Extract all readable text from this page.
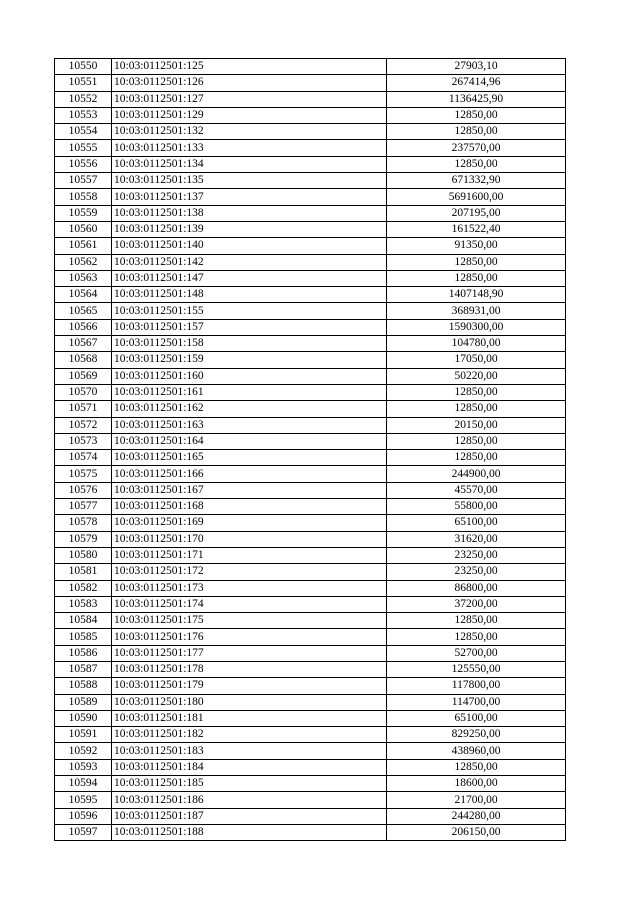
10550	10:03:0112501:125	27903,10
10551	10:03:0112501:126	267414,96
10552	10:03:0112501:127	1136425,90
10553	10:03:0112501:129	12850,00
10554	10:03:0112501:132	12850,00
10555	10:03:0112501:133	237570,00
10556	10:03:0112501:134	12850,00
10557	10:03:0112501:135	671332,90
10558	10:03:0112501:137	5691600,00
10559	10:03:0112501:138	207195,00
10560	10:03:0112501:139	161522,40
10561	10:03:0112501:140	91350,00
10562	10:03:0112501:142	12850,00
10563	10:03:0112501:147	12850,00
10564	10:03:0112501:148	1407148,90
10565	10:03:0112501:155	368931,00
10566	10:03:0112501:157	1590300,00
10567	10:03:0112501:158	104780,00
10568	10:03:0112501:159	17050,00
10569	10:03:0112501:160	50220,00
10570	10:03:0112501:161	12850,00
10571	10:03:0112501:162	12850,00
10572	10:03:0112501:163	20150,00
10573	10:03:0112501:164	12850,00
10574	10:03:0112501:165	12850,00
10575	10:03:0112501:166	244900,00
10576	10:03:0112501:167	45570,00
10577	10:03:0112501:168	55800,00
10578	10:03:0112501:169	65100,00
10579	10:03:0112501:170	31620,00
10580	10:03:0112501:171	23250,00
10581	10:03:0112501:172	23250,00
10582	10:03:0112501:173	86800,00
10583	10:03:0112501:174	37200,00
10584	10:03:0112501:175	12850,00
10585	10:03:0112501:176	12850,00
10586	10:03:0112501:177	52700,00
10587	10:03:0112501:178	125550,00
10588	10:03:0112501:179	117800,00
10589	10:03:0112501:180	114700,00
10590	10:03:0112501:181	65100,00
10591	10:03:0112501:182	829250,00
10592	10:03:0112501:183	438960,00
10593	10:03:0112501:184	12850,00
10594	10:03:0112501:185	18600,00
10595	10:03:0112501:186	21700,00
10596	10:03:0112501:187	244280,00
10597	10:03:0112501:188	206150,00
